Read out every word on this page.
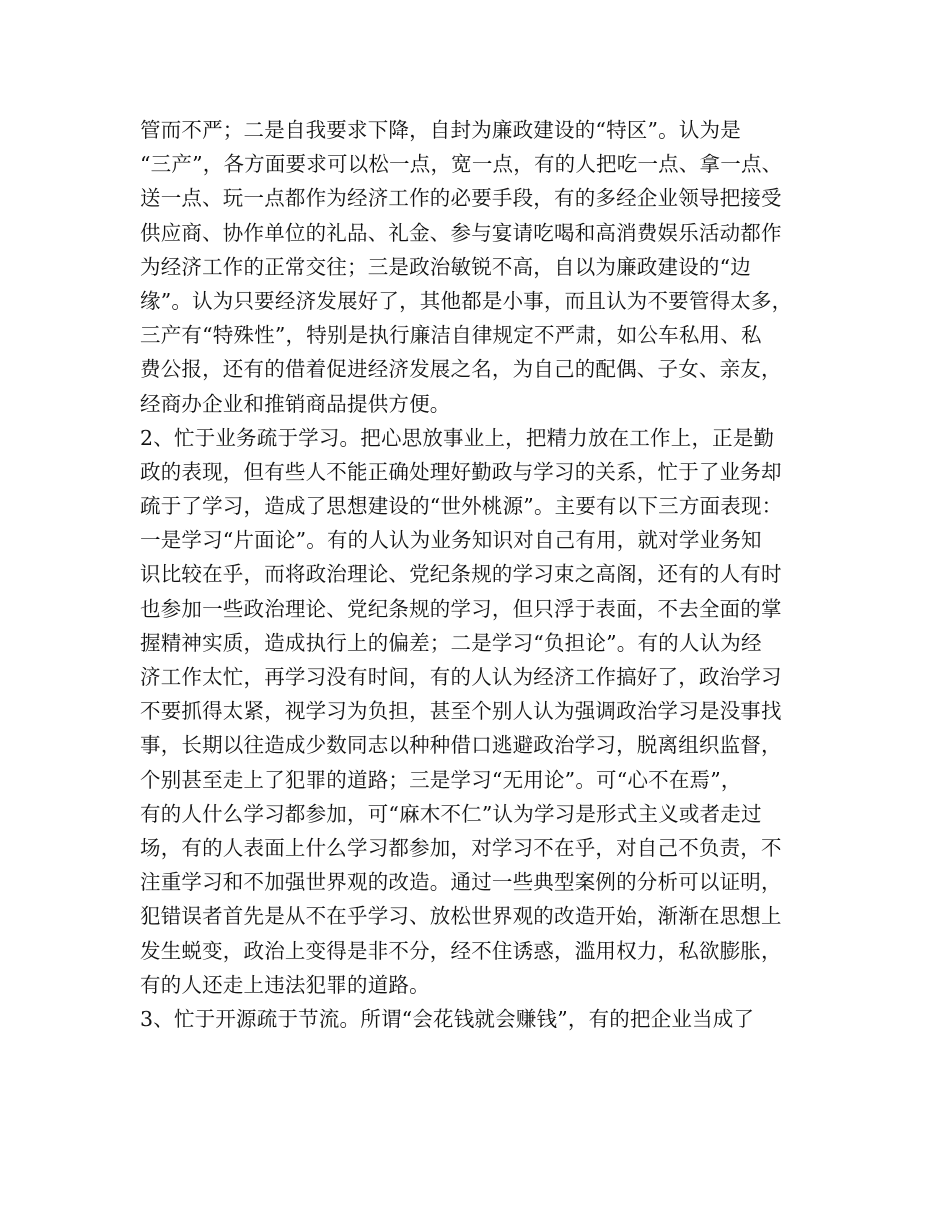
管而不严；二是自我要求下降，自封为廉政建设的“特区”。认为是
“三产”，各方面要求可以松一点，宽一点，有的人把吃一点、拿一点、
送一点、玩一点都作为经济工作的必要手段，有的多经企业领导把接受
供应商、协作单位的礼品、礼金、参与宴请吃喝和高消费娱乐活动都作
为经济工作的正常交往；三是政治敏锐不高，自以为廉政建设的“边
缘”。认为只要经济发展好了，其他都是小事，而且认为不要管得太多，
三产有“特殊性”，特别是执行廉洁自律规定不严肃，如公车私用、私
费公报，还有的借着促进经济发展之名，为自己的配偶、子女、亲友，
经商办企业和推销商品提供方便。
2、忙于业务疏于学习。把心思放事业上，把精力放在工作上，正是勤
政的表现，但有些人不能正确处理好勤政与学习的关系，忙于了业务却
疏于了学习，造成了思想建设的“世外桃源”。主要有以下三方面表现：
一是学习“片面论”。有的人认为业务知识对自己有用，就对学业务知
识比较在乎，而将政治理论、党纪条规的学习束之高阁，还有的人有时
也参加一些政治理论、党纪条规的学习，但只浮于表面，不去全面的掌
握精神实质，造成执行上的偏差；二是学习“负担论”。有的人认为经
济工作太忙，再学习没有时间，有的人认为经济工作搞好了，政治学习
不要抓得太紧，视学习为负担，甚至个别人认为强调政治学习是没事找
事，长期以往造成少数同志以种种借口逃避政治学习，脱离组织监督，
个别甚至走上了犯罪的道路；三是学习“无用论”。可“心不在焉”，
有的人什么学习都参加，可“麻木不仁”认为学习是形式主义或者走过
场，有的人表面上什么学习都参加，对学习不在乎，对自己不负责，不
注重学习和不加强世界观的改造。通过一些典型案例的分析可以证明，
犯错误者首先是从不在乎学习、放松世界观的改造开始，渐渐在思想上
发生蜕变，政治上变得是非不分，经不住诱惑，滥用权力，私欲膨胀，
有的人还走上违法犯罪的道路。
3、忙于开源疏于节流。所谓“会花钱就会赚钱”，有的把企业当成了
